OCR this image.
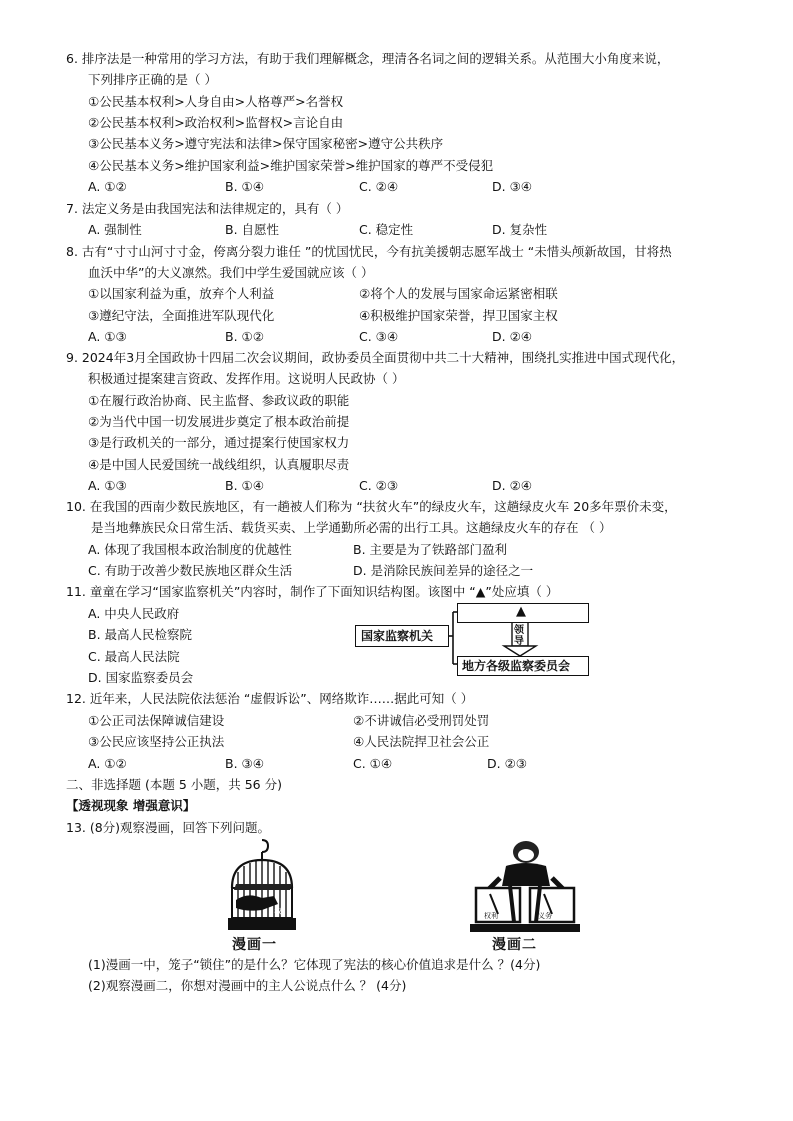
6. 排序法是一种常用的学习方法，有助于我们理解概念，理清各名词之间的逻辑关系。从范围大小角度来说，
下列排序正确的是（ ）
①公民基本权利>人身自由>人格尊严>名誉权
②公民基本权利>政治权利>监督权>言论自由
③公民基本义务>遵守宪法和法律>保守国家秘密>遵守公共秩序
④公民基本义务>维护国家利益>维护国家荣誉>维护国家的尊严不受侵犯
A. ①②	B. ①④	C. ②④	D. ③④
7. 法定义务是由我国宪法和法律规定的，具有（ ）
A. 强制性	B. 自愿性	C. 稳定性	D. 复杂性
8. 古有“寸寸山河寸寸金，侉离分裂力谁任 ”的忧国忧民，今有抗美援朝志愿军战士 “未惜头颅新故国，甘将热
血沃中华”的大义凛然。我们中学生爱国就应该（ ）
①以国家利益为重，放弃个人利益	②将个人的发展与国家命运紧密相联
③遵纪守法，全面推进军队现代化	④积极维护国家荣誉，捍卫国家主权
A. ①③	B. ①②	C. ③④	D. ②④
9. 2024年3月全国政协十四届二次会议期间，政协委员全面贯彻中共二十大精神，围绕扎实推进中国式现代化，
积极通过提案建言资政、发挥作用。这说明人民政协（ ）
①在履行政治协商、民主监督、参政议政的职能
②为当代中国一切发展进步奠定了根本政治前提
③是行政机关的一部分，通过提案行使国家权力
④是中国人民爱国统一战线组织，认真履职尽责
A. ①③	B. ①④	C. ②③	D. ②④
10. 在我国的西南少数民族地区，有一趟被人们称为 “扶贫火车”的绿皮火车，这趟绿皮火车 20多年票价未变，
是当地彝族民众日常生活、载货买卖、上学通勤所必需的出行工具。这趟绿皮火车的存在 （ ）
A. 体现了我国根本政治制度的优越性	B. 主要是为了铁路部门盈利
C. 有助于改善少数民族地区群众生活	D. 是消除民族间差异的途径之一
11. 童童在学习“国家监察机关”内容时，制作了下面知识结构图。该图中 “▲”处应填（ ）
A. 中央人民政府
B. 最高人民检察院
C. 最高人民法院
D. 国家监察委员会
国家监察机关
▲
领导
地方各级监察委员会
12. 近年来，人民法院依法惩治 “虚假诉讼”、网络欺诈……据此可知（ ）
①公正司法保障诚信建设	②不讲诚信必受刑罚处罚
③公民应该坚持公正执法	④人民法院捍卫社会公正
A. ①②	B. ③④	C. ①④	D. ②③
二、非选择题 (本题 5 小题，共 56 分)
【透视现象 增强意识】
13. (8分)观察漫画，回答下列问题。
权
漫画一
权利	义务
漫画二
(1)漫画一中，笼子“锁住”的是什么？它体现了宪法的核心价值追求是什么 ？(4分)
(2)观察漫画二，你想对漫画中的主人公说点什么 ？ (4分)
